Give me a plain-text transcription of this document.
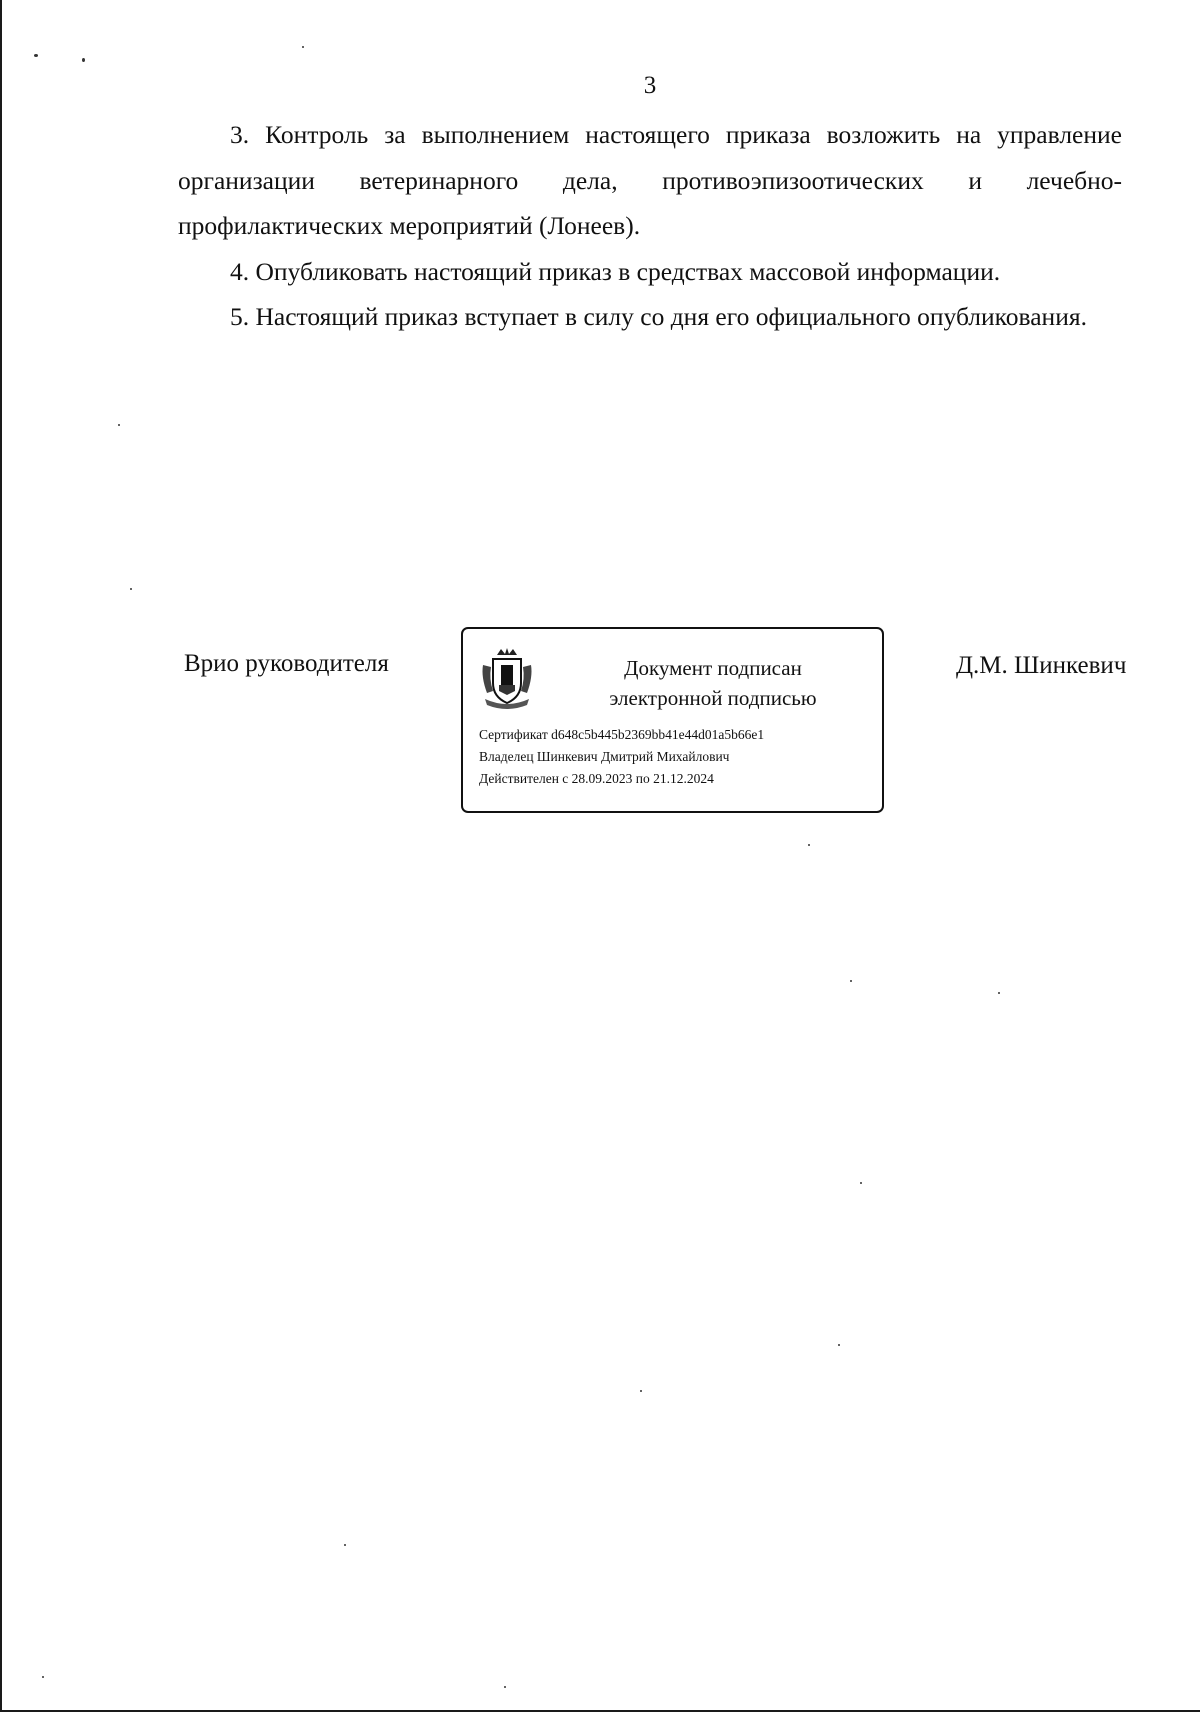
3

3. Контроль за выполнением настоящего приказа возложить на управление организации ветеринарного дела, противоэпизоотических и лечебно-профилактических мероприятий (Лонеев).

4. Опубликовать настоящий приказ в средствах массовой информации.

5. Настоящий приказ вступает в силу со дня его официального опубликования.

Врио руководителя	Документ подписан
электронной подписью
Сертификат d648c5b445b2369bb41e44d01a5b66e1
Владелец Шинкевич Дмитрий Михайлович
Действителен с 28.09.2023 по 21.12.2024
Д.М. Шинкевич
